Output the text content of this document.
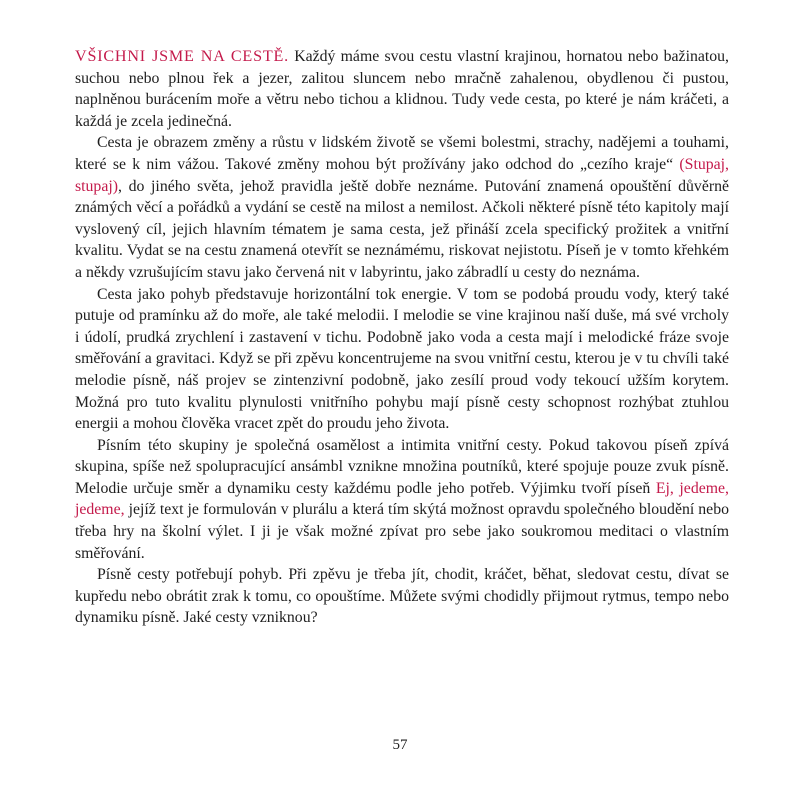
VŠICHNI JSME NA CESTĚ. Každý máme svou cestu vlastní krajinou, hornatou nebo bažinatou, suchou nebo plnou řek a jezer, zalitou sluncem nebo mračně zahalenou, obydlenou či pustou, naplněnou burácením moře a větru nebo tichou a klidnou. Tudy vede cesta, po které je nám kráčeti, a každá je zcela jedinečná.

Cesta je obrazem změny a růstu v lidském životě se všemi bolestmi, strachy, nadějemi a touhami, které se k nim vážou. Takové změny mohou být prožívány jako odchod do „cezího kraje“ (Stupaj, stupaj), do jiného světa, jehož pravidla ještě dobře neznáme. Putování znamená opouštění důvěrně známých věcí a pořádků a vydání se cestě na milost a nemilost. Ačkoli některé písně této kapitoly mají vyslovený cíl, jejich hlavním tématem je sama cesta, jež přináší zcela specifický prožitek a vnitřní kvalitu. Vydat se na cestu znamená otevřít se neznámému, riskovat nejistotu. Píseň je v tomto křehkém a někdy vzrušujícím stavu jako červená nit v labyrintu, jako zábradlí u cesty do neznáma.

Cesta jako pohyb představuje horizontální tok energie. V tom se podobá proudu vody, který také putuje od pramínku až do moře, ale také melodii. I melodie se vine krajinou naší duše, má své vrcholy i údolí, prudká zrychlení i zastavení v tichu. Podobně jako voda a cesta mají i melodické fráze svoje směřování a gravitaci. Když se při zpěvu koncentrujeme na svou vnitřní cestu, kterou je v tu chvíli také melodie písně, náš projev se zintenzivní podobně, jako zesílí proud vody tekoucí užším korytem. Možná pro tuto kvalitu plynulosti vnitřního pohybu mají písně cesty schopnost rozhýbat ztuhlou energii a mohou člověka vracet zpět do proudu jeho života.

Písním této skupiny je společná osamělost a intimita vnitřní cesty. Pokud takovou píseň zpívá skupina, spíše než spolupracující ansámbl vznikne množina poutníků, které spojuje pouze zvuk písně. Melodie určuje směr a dynamiku cesty každému podle jeho potřeb. Výjimku tvoří píseň Ej, jedeme, jedeme, jejíž text je formulován v plurálu a která tím skýtá možnost opravdu společného bloudění nebo třeba hry na školní výlet. I ji je však možné zpívat pro sebe jako soukromou meditaci o vlastním směřování.

Písně cesty potřebují pohyb. Při zpěvu je třeba jít, chodit, kráčet, běhat, sledovat cestu, dívat se kupředu nebo obrátit zrak k tomu, co opouštíme. Můžete svými chodidly přijmout rytmus, tempo nebo dynamiku písně. Jaké cesty vzniknou?

57
